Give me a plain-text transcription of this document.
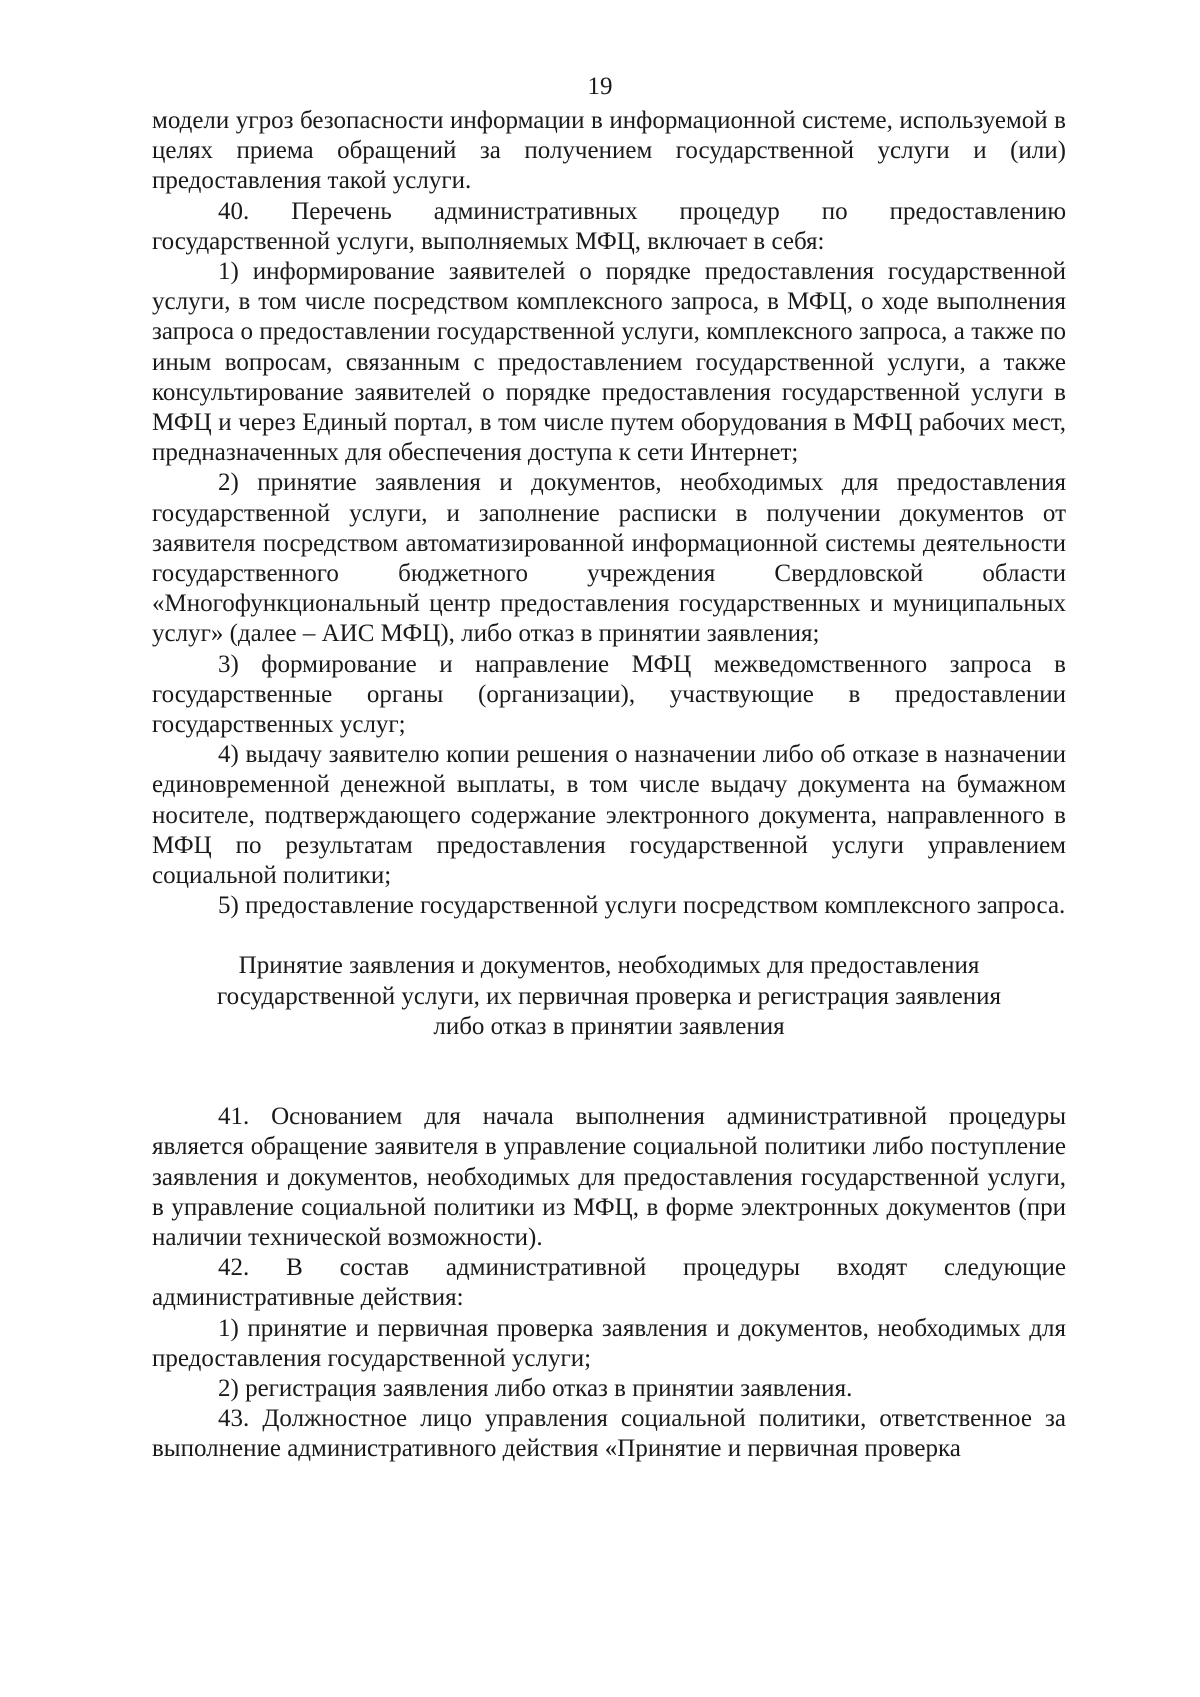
19

модели угроз безопасности информации в информационной системе, используемой в целях приема обращений за получением государственной услуги и (или) предоставления такой услуги.

40. Перечень административных процедур по предоставлению государственной услуги, выполняемых МФЦ, включает в себя:

1) информирование заявителей о порядке предоставления государственной услуги, в том числе посредством комплексного запроса, в МФЦ, о ходе выполнения запроса о предоставлении государственной услуги, комплексного запроса, а также по иным вопросам, связанным с предоставлением государственной услуги, а также консультирование заявителей о порядке предоставления государственной услуги в МФЦ и через Единый портал, в том числе путем оборудования в МФЦ рабочих мест, предназначенных для обеспечения доступа к сети Интернет;

2) принятие заявления и документов, необходимых для предоставления государственной услуги, и заполнение расписки в получении документов от заявителя посредством автоматизированной информационной системы деятельности государственного бюджетного учреждения Свердловской области «Многофункциональный центр предоставления государственных и муниципальных услуг» (далее – АИС МФЦ), либо отказ в принятии заявления;

3) формирование и направление МФЦ межведомственного запроса в государственные органы (организации), участвующие в предоставлении государственных услуг;

4) выдачу заявителю копии решения о назначении либо об отказе в назначении единовременной денежной выплаты, в том числе выдачу документа на бумажном носителе, подтверждающего содержание электронного документа, направленного в МФЦ по результатам предоставления государственной услуги управлением социальной политики;

5) предоставление государственной услуги посредством комплексного запроса.

Принятие заявления и документов, необходимых для предоставления государственной услуги, их первичная проверка и регистрация заявления либо отказ в принятии заявления

41. Основанием для начала выполнения административной процедуры является обращение заявителя в управление социальной политики либо поступление заявления и документов, необходимых для предоставления государственной услуги, в управление социальной политики из МФЦ, в форме электронных документов (при наличии технической возможности).

42. В состав административной процедуры входят следующие административные действия:

1) принятие и первичная проверка заявления и документов, необходимых для предоставления государственной услуги;

2) регистрация заявления либо отказ в принятии заявления.

43. Должностное лицо управления социальной политики, ответственное за выполнение административного действия «Принятие и первичная проверка
